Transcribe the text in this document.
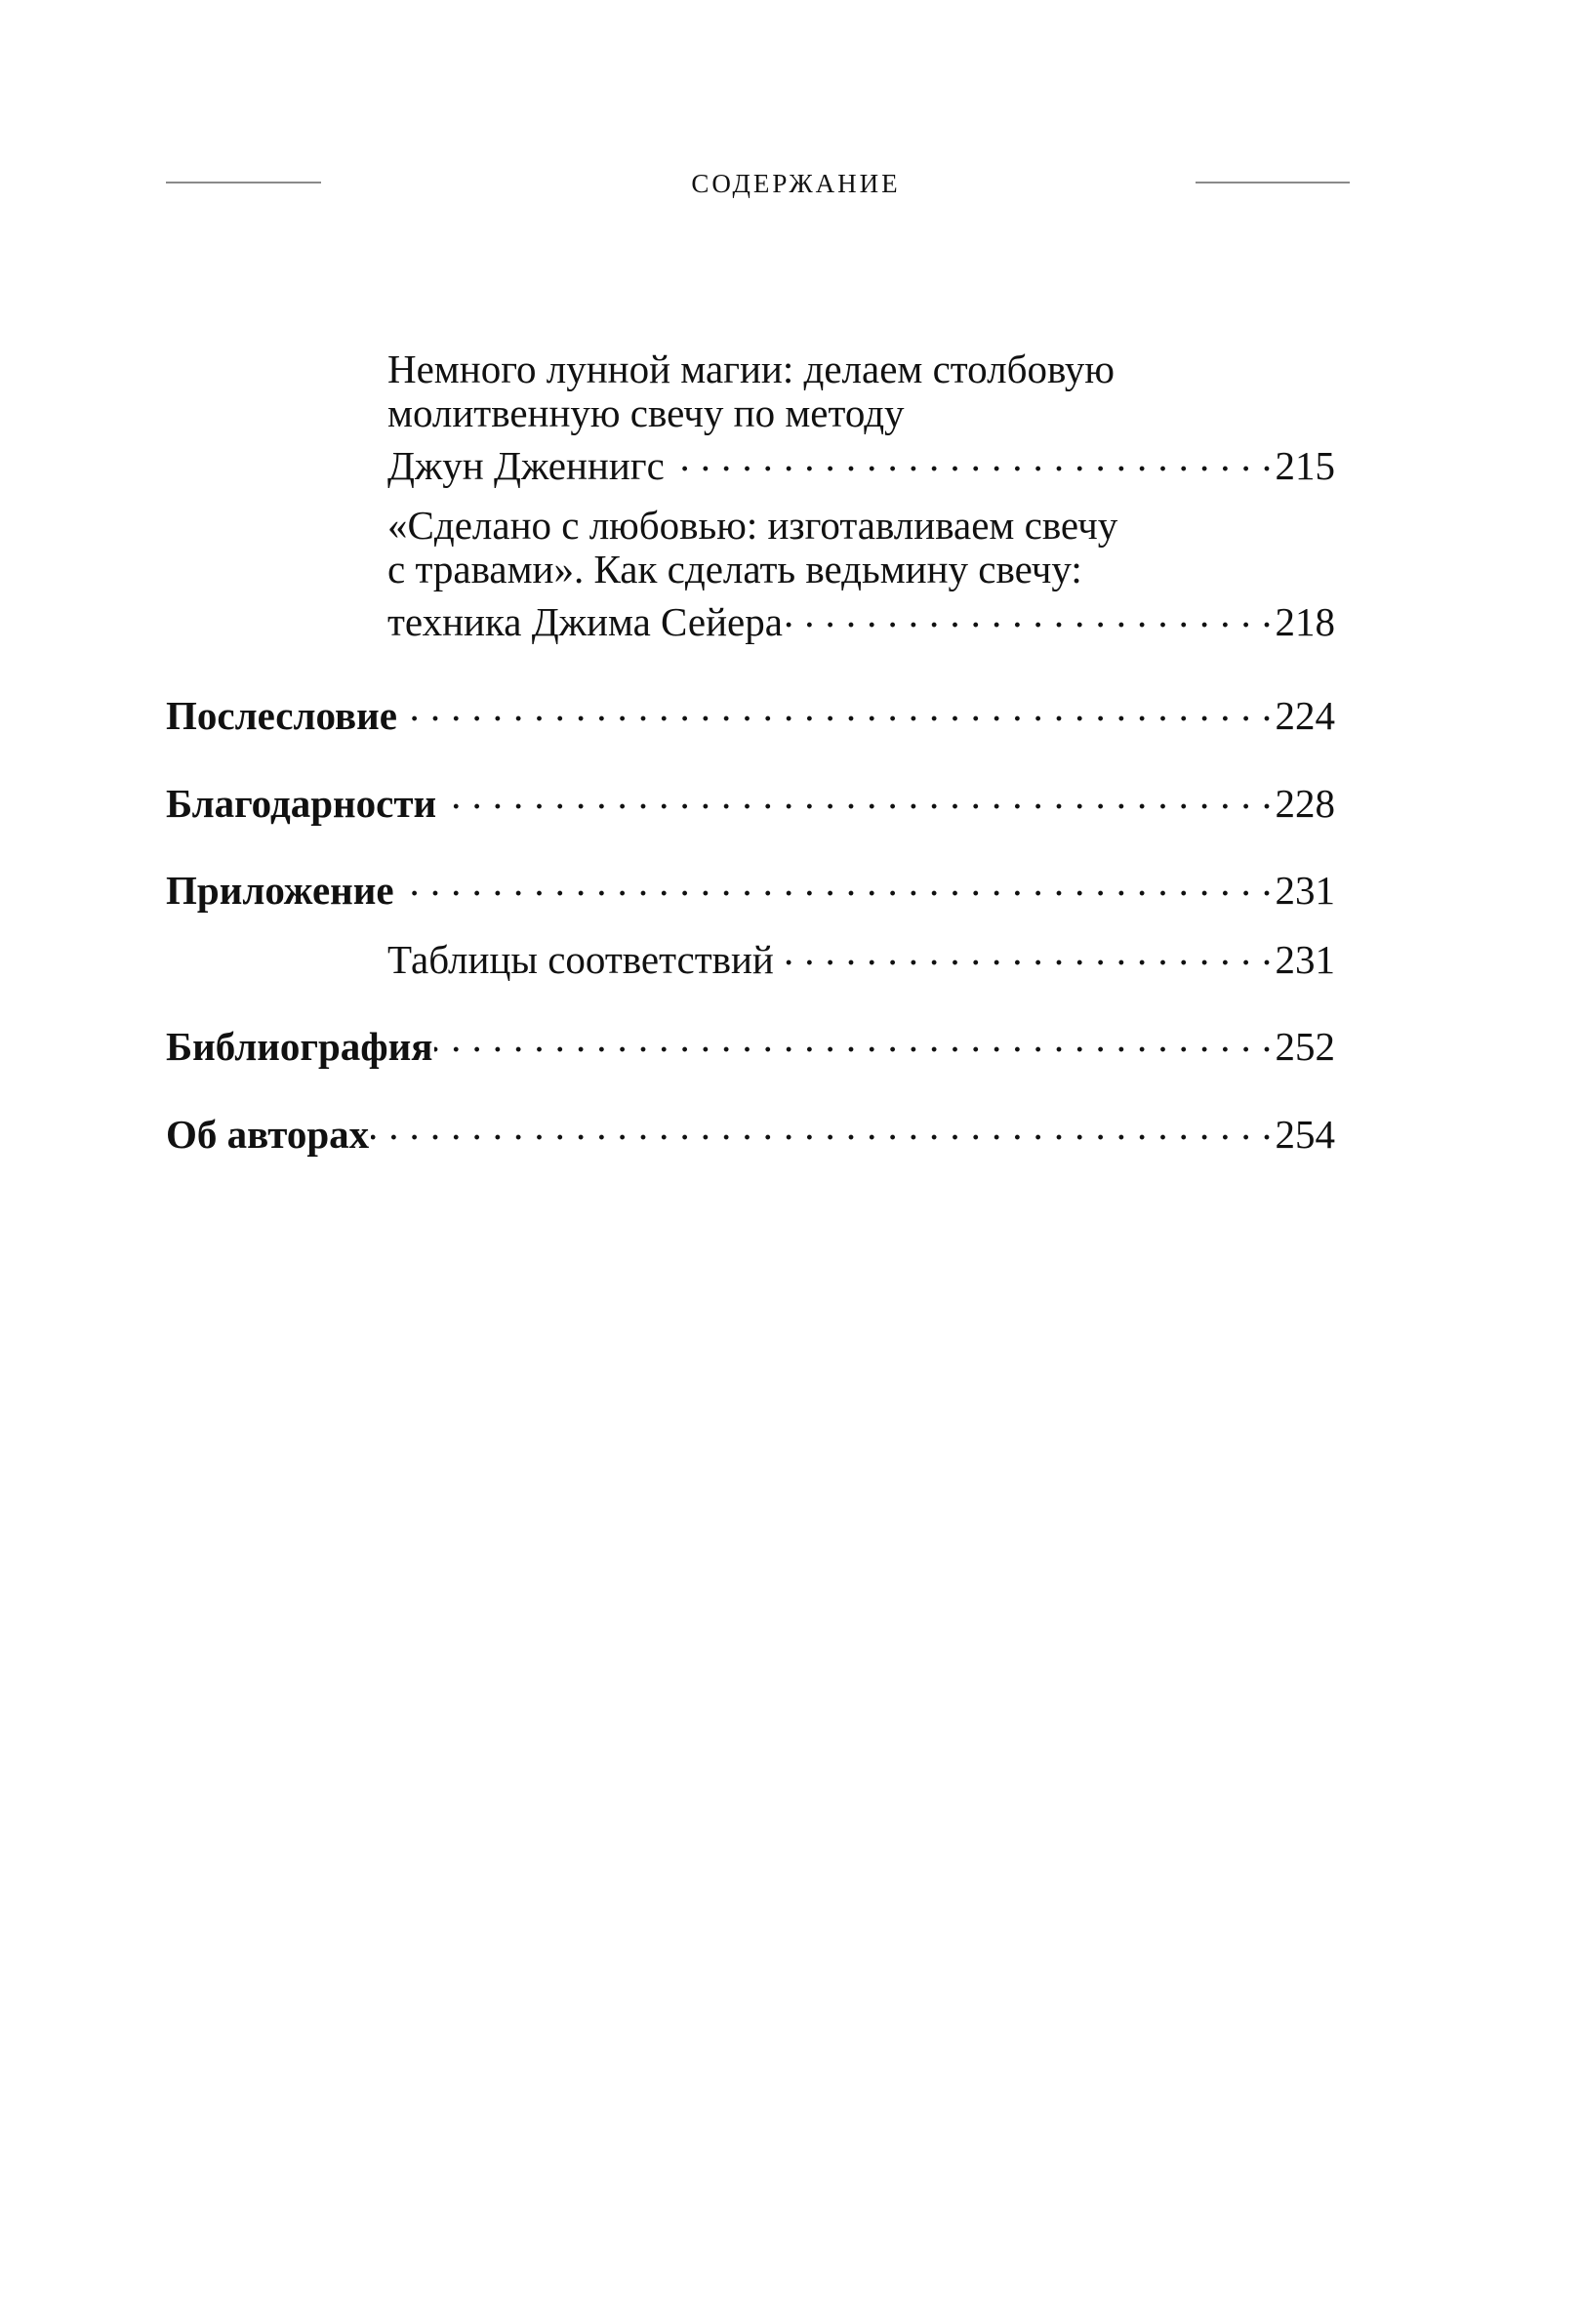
СОДЕРЖАНИЕ
Немного лунной магии: делаем столбовую
молитвенную свечу по методу
Джун Дженнигс . . .	215
«Сделано с любовью: изготавливаем свечу
с травами». Как сделать ведьмину свечу:
техника Джима Сейера . . .	218
Послесловие . . .	224
Благодарности . . .	228
Приложение . . .	231
Таблицы соответствий . . .	231
Библиография . . .	252
Об авторах . . .	254
